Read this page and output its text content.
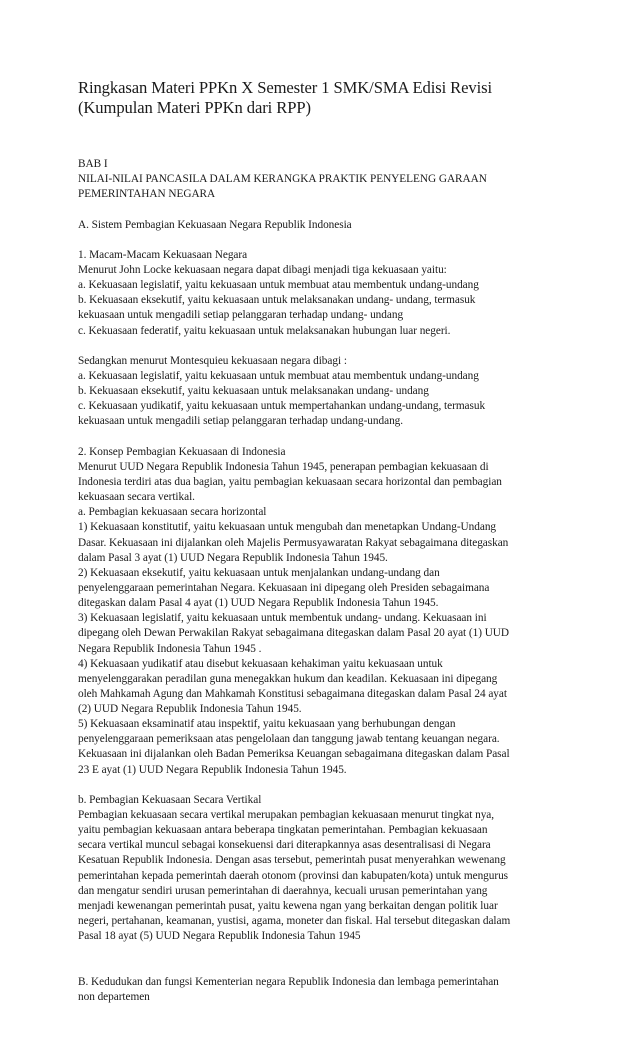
Ringkasan Materi PPKn X Semester 1 SMK/SMA Edisi Revisi
(Kumpulan Materi PPKn dari RPP)
BAB I
NILAI-NILAI PANCASILA DALAM KERANGKA PRAKTIK PENYELENG GARAAN
PEMERINTAHAN NEGARA
A. Sistem Pembagian Kekuasaan Negara Republik Indonesia
1. Macam-Macam Kekuasaan Negara
Menurut John Locke kekuasaan negara dapat dibagi menjadi tiga kekuasaan yaitu:
a. Kekuasaan legislatif, yaitu kekuasaan untuk membuat atau membentuk undang-undang
b. Kekuasaan eksekutif, yaitu kekuasaan untuk melaksanakan undang- undang, termasuk
kekuasaan untuk mengadili setiap pelanggaran terhadap undang- undang
c. Kekuasaan federatif, yaitu kekuasaan untuk melaksanakan hubungan luar negeri.
Sedangkan menurut Montesquieu kekuasaan negara dibagi :
a. Kekuasaan legislatif, yaitu kekuasaan untuk membuat atau membentuk undang-undang
b. Kekuasaan eksekutif, yaitu kekuasaan untuk melaksanakan undang- undang
c. Kekuasaan yudikatif, yaitu kekuasaan untuk mempertahankan undang-undang, termasuk
kekuasaan untuk mengadili setiap pelanggaran terhadap undang-undang.
2. Konsep Pembagian Kekuasaan di Indonesia
Menurut UUD Negara Republik Indonesia Tahun 1945, penerapan pembagian kekuasaan di
Indonesia terdiri atas dua bagian, yaitu pembagian kekuasaan secara horizontal dan pembagian
kekuasaan secara vertikal.
a. Pembagian kekuasaan secara horizontal
1) Kekuasaan konstitutif, yaitu kekuasaan untuk mengubah dan menetapkan Undang-Undang
Dasar. Kekuasaan ini dijalankan oleh Majelis Permusyawaratan Rakyat sebagaimana ditegaskan
dalam Pasal 3 ayat (1) UUD Negara Republik Indonesia Tahun 1945.
2) Kekuasaan eksekutif, yaitu kekuasaan untuk menjalankan undang-undang dan
penyelenggaraan pemerintahan Negara. Kekuasaan ini dipegang oleh Presiden sebagaimana
ditegaskan dalam Pasal 4 ayat (1) UUD Negara Republik Indonesia Tahun 1945.
3) Kekuasaan legislatif, yaitu kekuasaan untuk membentuk undang- undang. Kekuasaan ini
dipegang oleh Dewan Perwakilan Rakyat sebagaimana ditegaskan dalam Pasal 20 ayat (1) UUD
Negara Republik Indonesia Tahun 1945 .
4) Kekuasaan yudikatif atau disebut kekuasaan kehakiman yaitu kekuasaan untuk
menyelenggarakan peradilan guna menegakkan hukum dan keadilan. Kekuasaan ini dipegang
oleh Mahkamah Agung dan Mahkamah Konstitusi sebagaimana ditegaskan dalam Pasal 24 ayat
(2) UUD Negara Republik Indonesia Tahun 1945.
5) Kekuasaan eksaminatif atau inspektif, yaitu kekuasaan yang berhubungan dengan
penyelenggaraan pemeriksaan atas pengelolaan dan tanggung jawab tentang keuangan negara.
Kekuasaan ini dijalankan oleh Badan Pemeriksa Keuangan sebagaimana ditegaskan dalam Pasal
23 E ayat (1) UUD Negara Republik Indonesia Tahun 1945.
b. Pembagian Kekuasaan Secara Vertikal
Pembagian kekuasaan secara vertikal merupakan pembagian kekuasaan menurut tingkat nya,
yaitu pembagian kekuasaan antara beberapa tingkatan pemerintahan. Pembagian kekuasaan
secara vertikal muncul sebagai konsekuensi dari diterapkannya asas desentralisasi di Negara
Kesatuan Republik Indonesia. Dengan asas tersebut, pemerintah pusat menyerahkan wewenang
pemerintahan kepada pemerintah daerah otonom (provinsi dan kabupaten/kota) untuk mengurus
dan mengatur sendiri urusan pemerintahan di daerahnya, kecuali urusan pemerintahan yang
menjadi kewenangan pemerintah pusat, yaitu kewena ngan yang berkaitan dengan politik luar
negeri, pertahanan, keamanan, yustisi, agama, moneter dan fiskal. Hal tersebut ditegaskan dalam
Pasal 18 ayat (5) UUD Negara Republik Indonesia Tahun 1945
B. Kedudukan dan fungsi Kementerian negara Republik Indonesia dan lembaga pemerintahan
non departemen
